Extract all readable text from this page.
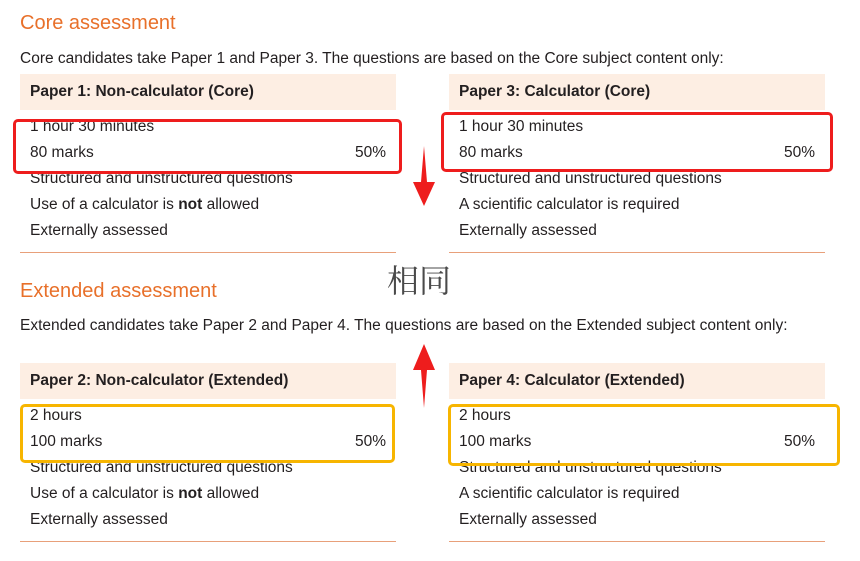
Core assessment
Core candidates take Paper 1 and Paper 3. The questions are based on the Core subject content only:
Paper 1: Non-calculator (Core)
1 hour 30 minutes
80 marks	50%
Structured and unstructured questions
Use of a calculator is not allowed
Externally assessed
Paper 3: Calculator (Core)
1 hour 30 minutes
80 marks	50%
Structured and unstructured questions
A scientific calculator is required
Externally assessed
Extended assessment
Extended candidates take Paper 2 and Paper 4. The questions are based on the Extended subject content only:
Paper 2: Non-calculator (Extended)
2 hours
100 marks	50%
Structured and unstructured questions
Use of a calculator is not allowed
Externally assessed
Paper 4: Calculator (Extended)
2 hours
100 marks	50%
Structured and unstructured questions
A scientific calculator is required
Externally assessed
相同
